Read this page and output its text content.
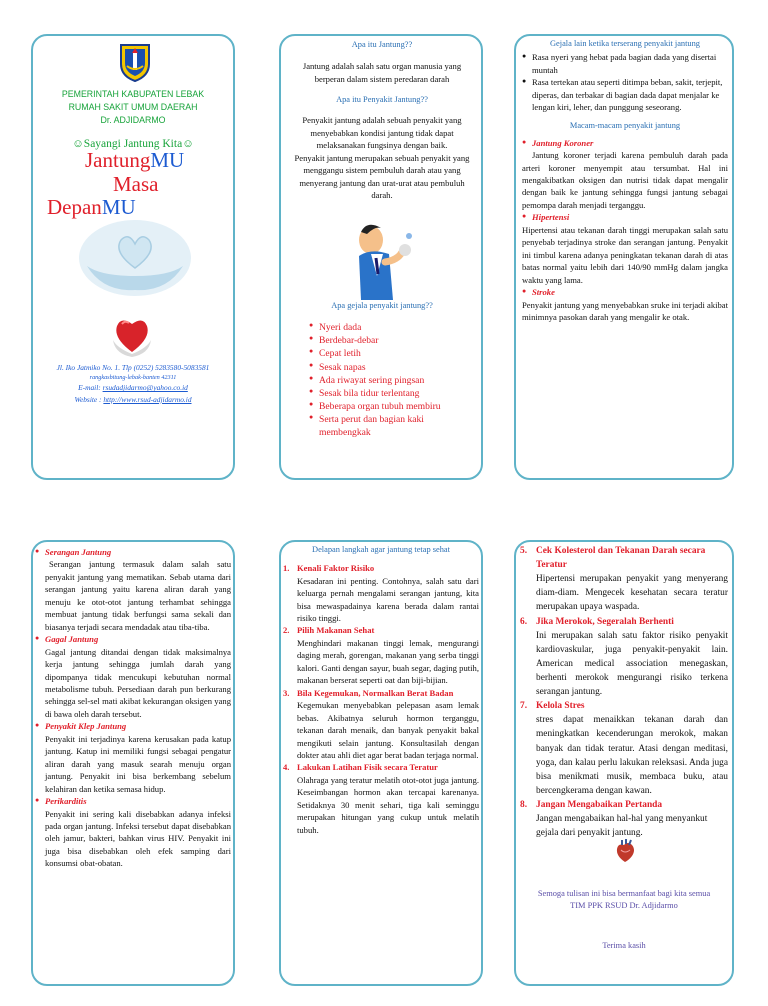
PEMERINTAH KABUPATEN LEBAK
RUMAH SAKIT UMUM DAERAH
Dr. ADJIDARMO
☺Sayangi Jantung Kita☺
JantungMU
Masa
DepanMU
Jl. Iko Jatmiko No. 1. Tlp (0252) 5283580-5083581
rangkasbitung-lebak-banten 42311
E-mail: rsudadjidarmo@yahoo.co.id
Website : http://www.rsud-adjidarmo.id
Apa itu Jantung??
Jantung adalah salah satu organ manusia yang berperan dalam sistem peredaran darah
Apa itu Penyakit Jantung??
Penyakit jantung adalah sebuah penyakit yang menyebabkan kondisi jantung tidak dapat melaksanakan fungsinya dengan baik.
Penyakit jantung merupakan sebuah penyakit yang menggangu sistem pembuluh darah atau yang menyerang jantung dan urat-urat atau pembuluh darah.
Apa gejala penyakit jantung??
● Nyeri dada
● Berdebar-debar
● Cepat letih
● Sesak napas
● Ada riwayat sering pingsan
● Sesak bila tidur terlentang
● Beberapa organ tubuh membiru
● Serta perut dan bagian kaki membengkak
Gejala lain ketika terserang penyakit jantung
● Rasa nyeri yang hebat pada bagian dada yang disertai muntah
● Rasa tertekan atau seperti ditimpa beban, sakit, terjepit, diperas, dan terbakar di bagian dada dapat menjalar ke lengan kiri, leher, dan punggung seseorang.
Macam-macam penyakit jantung
● Jantung Koroner
Jantung koroner terjadi karena pembuluh darah pada arteri koroner menyempit atau tersumbat. Hal ini mengakibatkan oksigen dan nutrisi tidak dapat mengalir dengan baik ke jantung sehingga fungsi jantung sebagai pemompa darah menjadi terganggu.
● Hipertensi
Hipertensi atau tekanan darah tinggi merupakan salah satu penyebab terjadinya stroke dan serangan jantung. Penyakit ini timbul karena adanya peningkatan tekanan darah di atas batas normal yaitu lebih dari 140/90 mmHg dalam jangka waktu yang lama.
● Stroke
Penyakit jantung yang menyebabkan sruke ini terjadi akibat minimnya pasokan darah yang mengalir ke otak.
● Serangan Jantung
Serangan jantung termasuk dalam salah satu penyakit jantung yang mematikan. Sebab utama dari serangan jantung yaitu karena aliran darah yang menuju ke otot-otot jantung terhambat sehingga membuat jantung tidak berfungsi sama sekali dan biasanya terjadi secara mendadak atau tiba-tiba.
● Gagal Jantung
Gagal jantung ditandai dengan tidak maksimalnya kerja jantung sehingga jumlah darah yang dipompanya tidak mencukupi kebutuhan normal metabolisme tubuh. Persediaan darah pun berkurang sehingga sel-sel mati akibat kekurangan oksigen yang di bawa oleh darah tersebut.
● Penyakit Klep Jantung
Penyakit ini terjadinya karena kerusakan pada katup jantung. Katup ini memiliki fungsi sebagai pengatur aliran darah yang masuk searah menuju organ jantung. Penyakit ini bisa berkembang sebelum kelahiran dan ketika semasa hidup.
● Perikarditis
Penyakit ini sering kali disebabkan adanya infeksi pada organ jantung. Infeksi tersebut dapat disebabkan oleh jamur, bakteri, bahkan virus HIV. Penyakit ini juga bisa disebabkan oleh efek samping dari konsumsi obat-obatan.
Delapan langkah agar jantung tetap sehat
1. Kenali Faktor Risiko
Kesadaran ini penting. Contohnya, salah satu dari keluarga pernah mengalami serangan jantung, kita bisa mewaspadainya karena berada dalam rantai risiko tinggi.
2. Pilih Makanan Sehat
Menghindari makanan tinggi lemak, mengurangi daging merah, gorengan, makanan yang serba tinggi kalori. Ganti dengan sayur, buah segar, daging putih, makanan berserat seperti oat dan biji-bijian.
3. Bila Kegemukan, Normalkan Berat Badan
Kegemukan menyebabkan pelepasan asam lemak bebas. Akibatnya seluruh hormon terganggu, tekanan darah menaik, dan banyak penyakit bakal mengikuti selain jantung. Konsultasilah dengan dokter atau ahli diet agar berat badan terjaga normal.
4. Lakukan Latihan Fisik secara Teratur
Olahraga yang teratur melatih otot-otot juga jantung. Keseimbangan hormon akan tercapai karenanya. Setidaknya 30 menit sehari, tiga kali seminggu merupakan hitungan yang cukup untuk melatih tubuh.
5. Cek Kolesterol dan Tekanan Darah secara Teratur
Hipertensi merupakan penyakit yang menyerang diam-diam. Mengecek kesehatan secara teratur merupakan upaya waspada.
6. Jika Merokok, Segeralah Berhenti
Ini merupakan salah satu faktor risiko penyakit kardiovaskular, juga penyakit-penyakit lain. American medical association menegaskan, berhenti merokok mengurangi risiko terkena serangan jantung.
7. Kelola Stres
stres dapat menaikkan tekanan darah dan meningkatkan kecenderungan merokok, makan banyak dan tidak teratur. Atasi dengan meditasi, yoga, dan kalau perlu lakukan releksasi. Anda juga bisa menikmati musik, membaca buku, atau bercengkerama dengan kawan.
8. Jangan Mengabaikan Pertanda
Jangan mengabaikan hal-hal yang menyankut gejala dari penyakit jantung.
Semoga tulisan ini bisa bermanfaat bagi kita semua
TIM PPK RSUD Dr. Adjidarmo
Terima kasih
